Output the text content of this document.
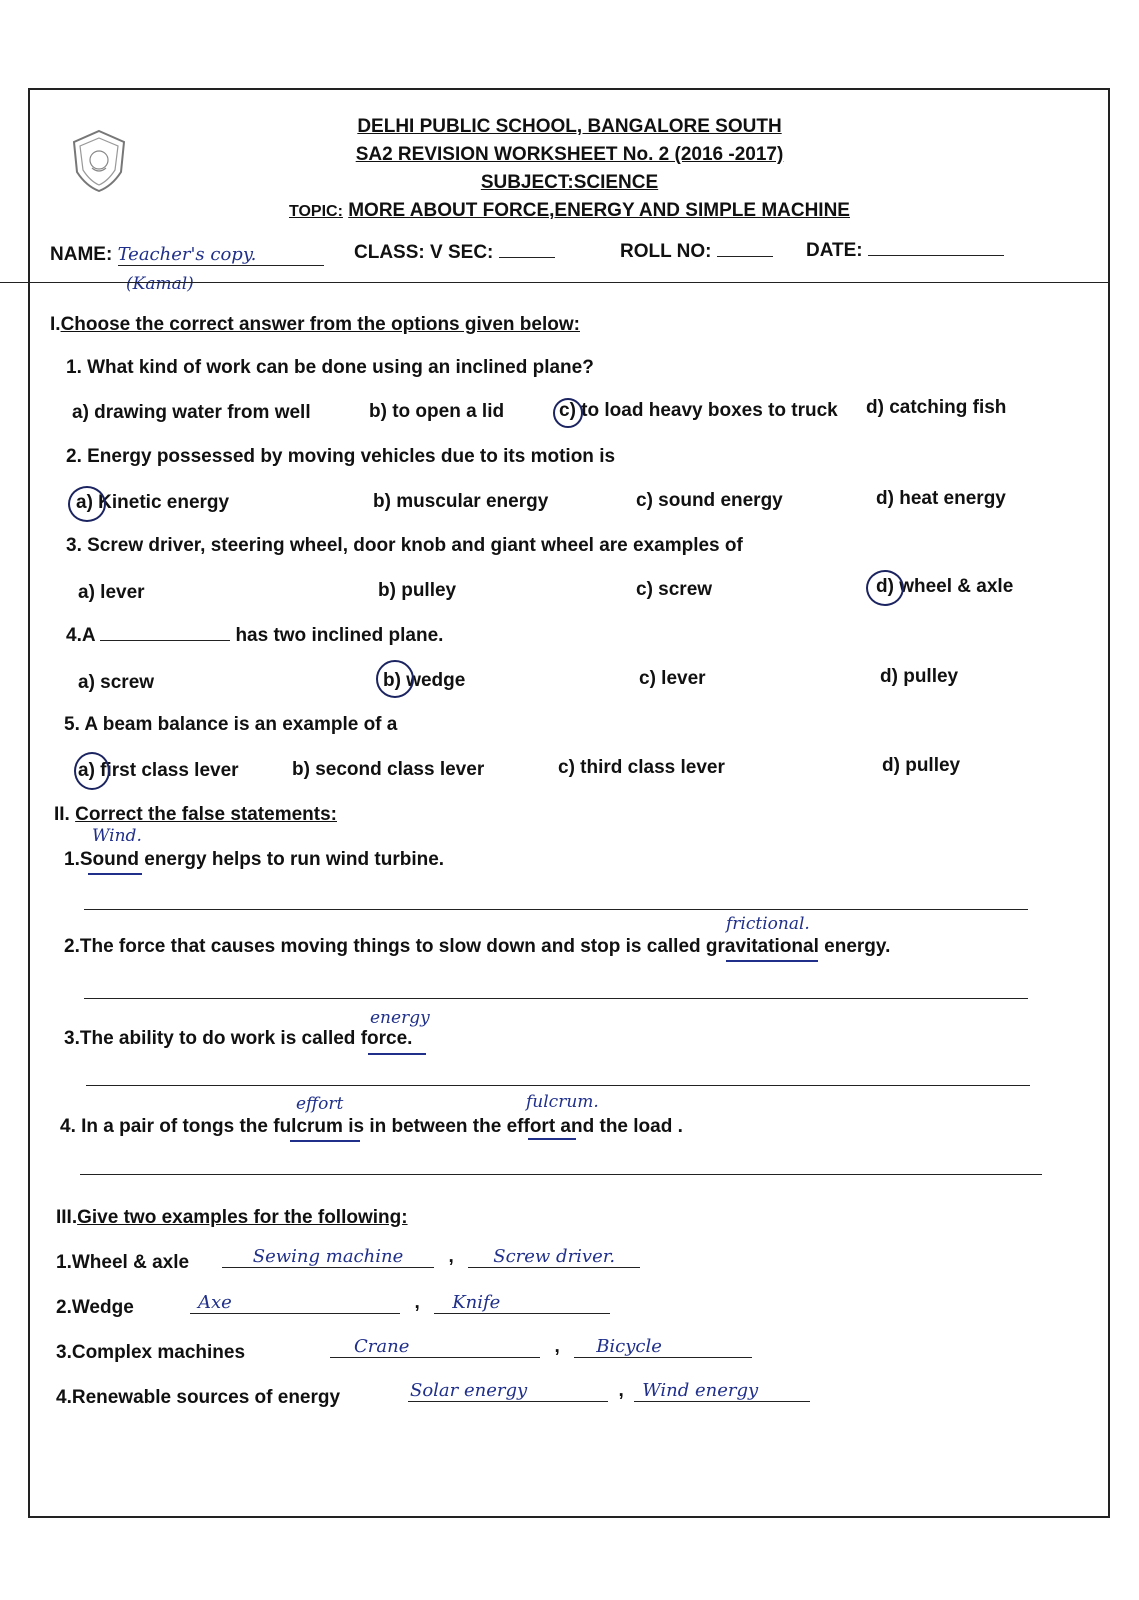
DELHI PUBLIC SCHOOL, BANGALORE SOUTH
SA2 REVISION WORKSHEET No. 2 (2016 -2017)
SUBJECT:SCIENCE
TOPIC: MORE ABOUT FORCE,ENERGY AND SIMPLE MACHINE
NAME: Teacher's copy.
(Kamal)
CLASS: V SEC:	ROLL NO:	DATE:
I.Choose the correct answer from the options given below:
1. What kind of work can be done using an inclined plane?
a) drawing water from well	b) to open a lid	c) to load heavy boxes to truck d) catching fish
2. Energy possessed by moving vehicles due to its motion is
a) Kinetic energy	b) muscular energy	c) sound energy	d) heat energy
3. Screw driver, steering wheel, door knob and giant wheel are examples of
a) lever	b) pulley	c) screw	d) wheel & axle
4.A	has two inclined plane.
a) screw	b) wedge	c) lever	d) pulley
5. A beam balance is an example of a
a) first class lever	b) second class lever	c) third class lever	d) pulley
II. Correct the false statements:
Wind.
1.Sound energy helps to run wind turbine.
frictional.
2.The force that causes moving things to slow down and stop is called gravitational energy.
energy
3.The ability to do work is called force.
effort	fulcrum.
4. In a pair of tongs the fulcrum is in between the effort and the load .
III.Give two examples for the following:
1.Wheel & axle	Sewing machine , Screw driver.
2.Wedge	Axe	, Knife
3.Complex machines	Crane	, Bicycle
4.Renewable sources of energy	Solar energy	, Wind energy
